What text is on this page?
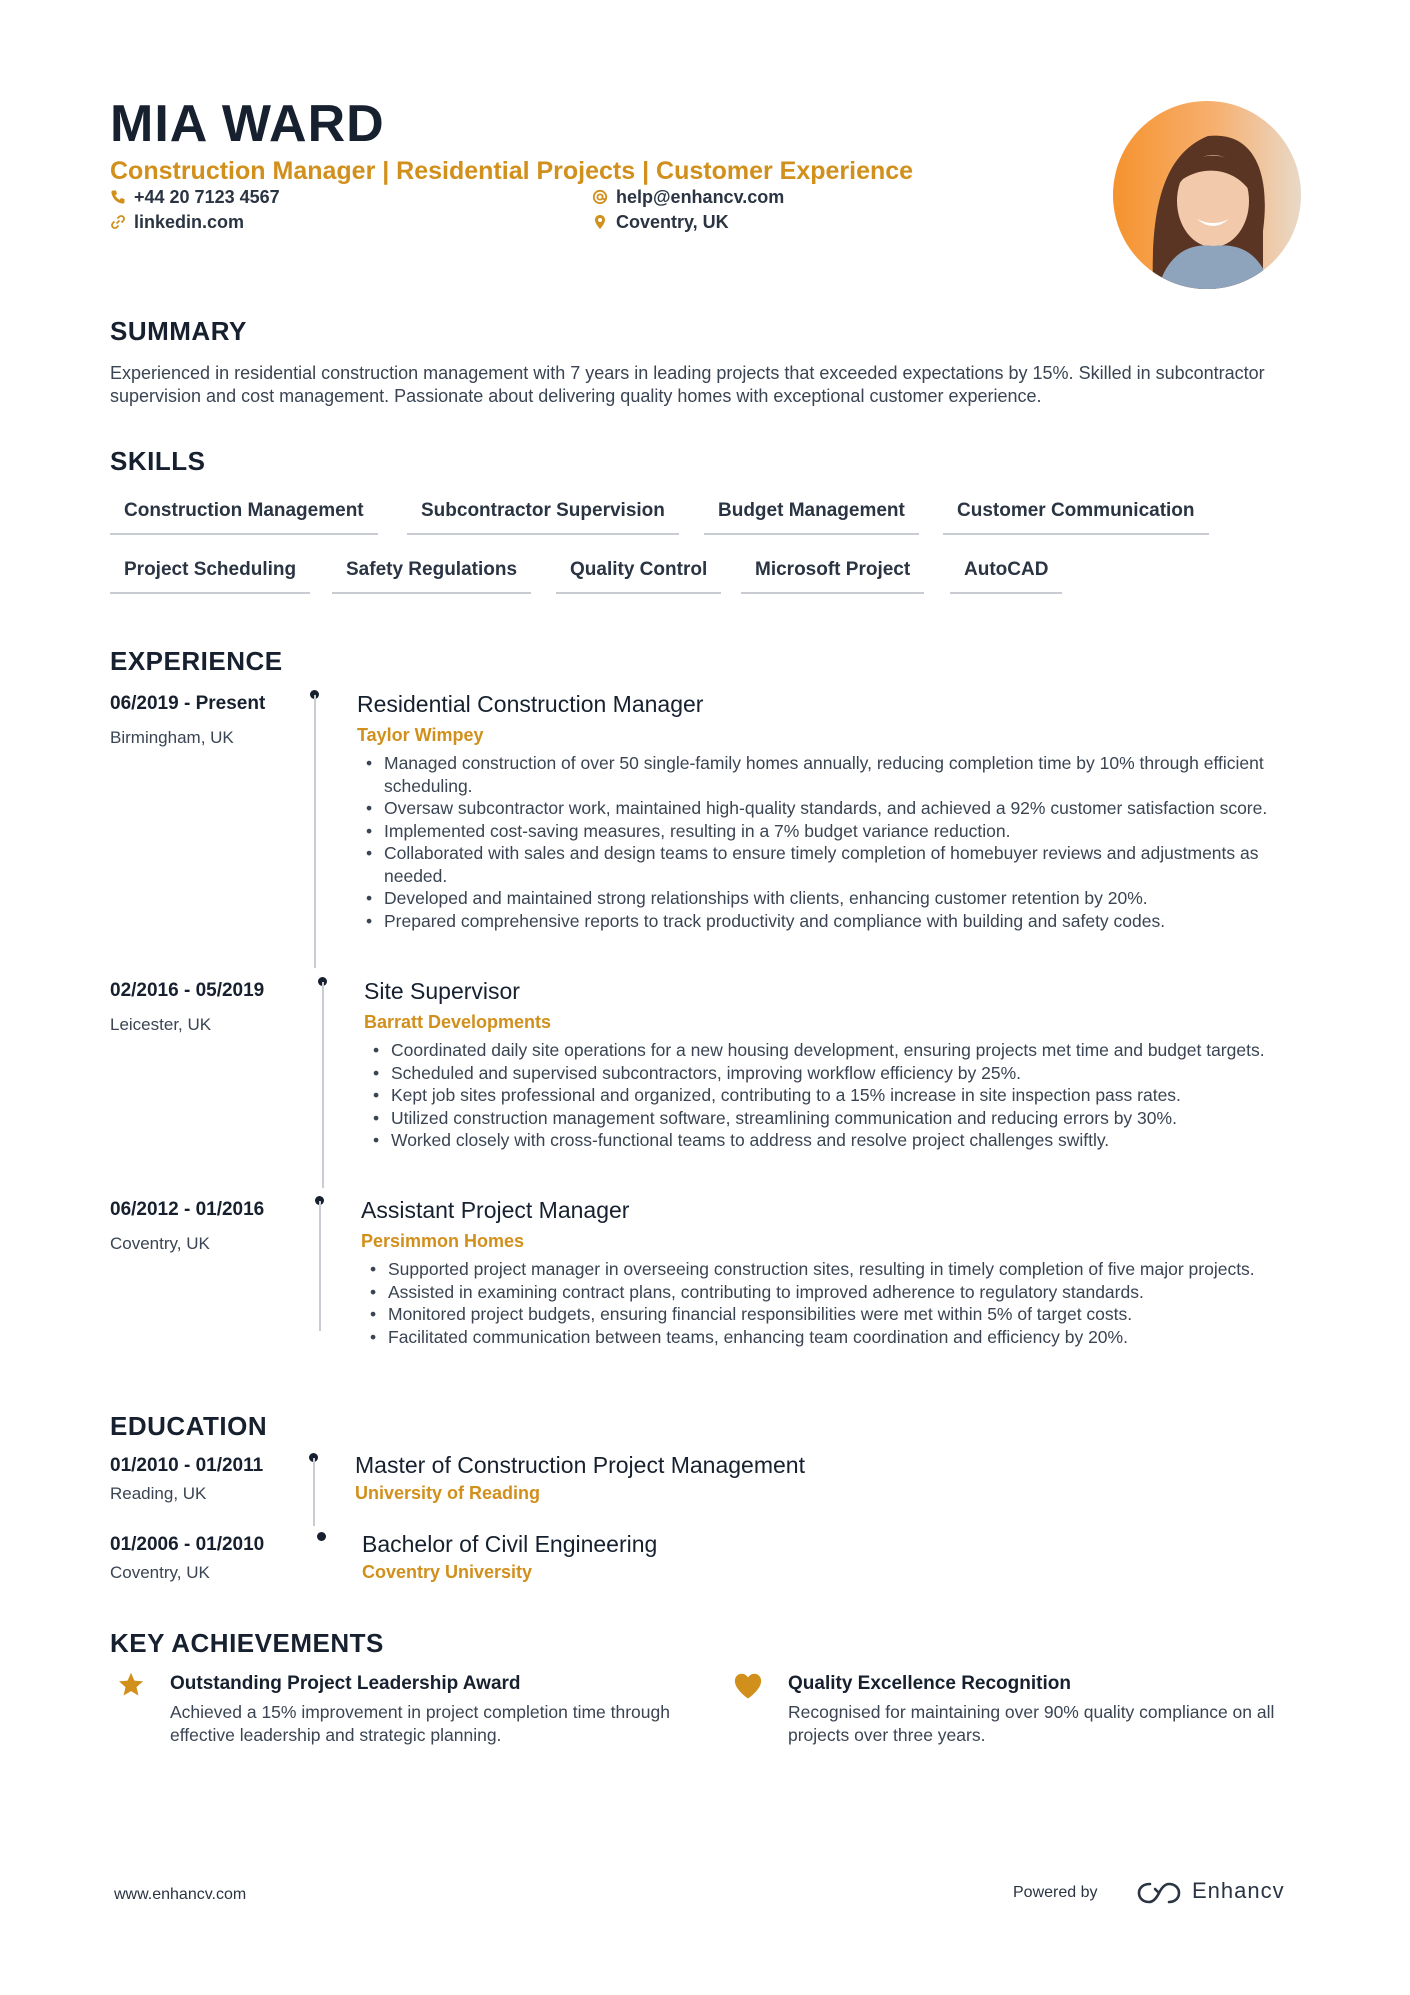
MIA WARD
Construction Manager | Residential Projects | Customer Experience
+44 20 7123 4567	help@enhancv.com
linkedin.com	Coventry, UK
SUMMARY
Experienced in residential construction management with 7 years in leading projects that exceeded expectations by 15%. Skilled in subcontractor supervision and cost management. Passionate about delivering quality homes with exceptional customer experience.
SKILLS
Construction Management	Subcontractor Supervision	Budget Management	Customer Communication
Project Scheduling	Safety Regulations	Quality Control	Microsoft Project	AutoCAD
EXPERIENCE
06/2019 - Present
Birmingham, UK
Residential Construction Manager
Taylor Wimpey
• Managed construction of over 50 single-family homes annually, reducing completion time by 10% through efficient scheduling.
• Oversaw subcontractor work, maintained high-quality standards, and achieved a 92% customer satisfaction score.
• Implemented cost-saving measures, resulting in a 7% budget variance reduction.
• Collaborated with sales and design teams to ensure timely completion of homebuyer reviews and adjustments as needed.
• Developed and maintained strong relationships with clients, enhancing customer retention by 20%.
• Prepared comprehensive reports to track productivity and compliance with building and safety codes.
02/2016 - 05/2019
Leicester, UK
Site Supervisor
Barratt Developments
• Coordinated daily site operations for a new housing development, ensuring projects met time and budget targets.
• Scheduled and supervised subcontractors, improving workflow efficiency by 25%.
• Kept job sites professional and organized, contributing to a 15% increase in site inspection pass rates.
• Utilized construction management software, streamlining communication and reducing errors by 30%.
• Worked closely with cross-functional teams to address and resolve project challenges swiftly.
06/2012 - 01/2016
Coventry, UK
Assistant Project Manager
Persimmon Homes
• Supported project manager in overseeing construction sites, resulting in timely completion of five major projects.
• Assisted in examining contract plans, contributing to improved adherence to regulatory standards.
• Monitored project budgets, ensuring financial responsibilities were met within 5% of target costs.
• Facilitated communication between teams, enhancing team coordination and efficiency by 20%.
EDUCATION
01/2010 - 01/2011
Reading, UK
Master of Construction Project Management
University of Reading
01/2006 - 01/2010
Coventry, UK
Bachelor of Civil Engineering
Coventry University
KEY ACHIEVEMENTS
Outstanding Project Leadership Award
Achieved a 15% improvement in project completion time through effective leadership and strategic planning.
Quality Excellence Recognition
Recognised for maintaining over 90% quality compliance on all projects over three years.
www.enhancv.com	Powered by	Enhancv
